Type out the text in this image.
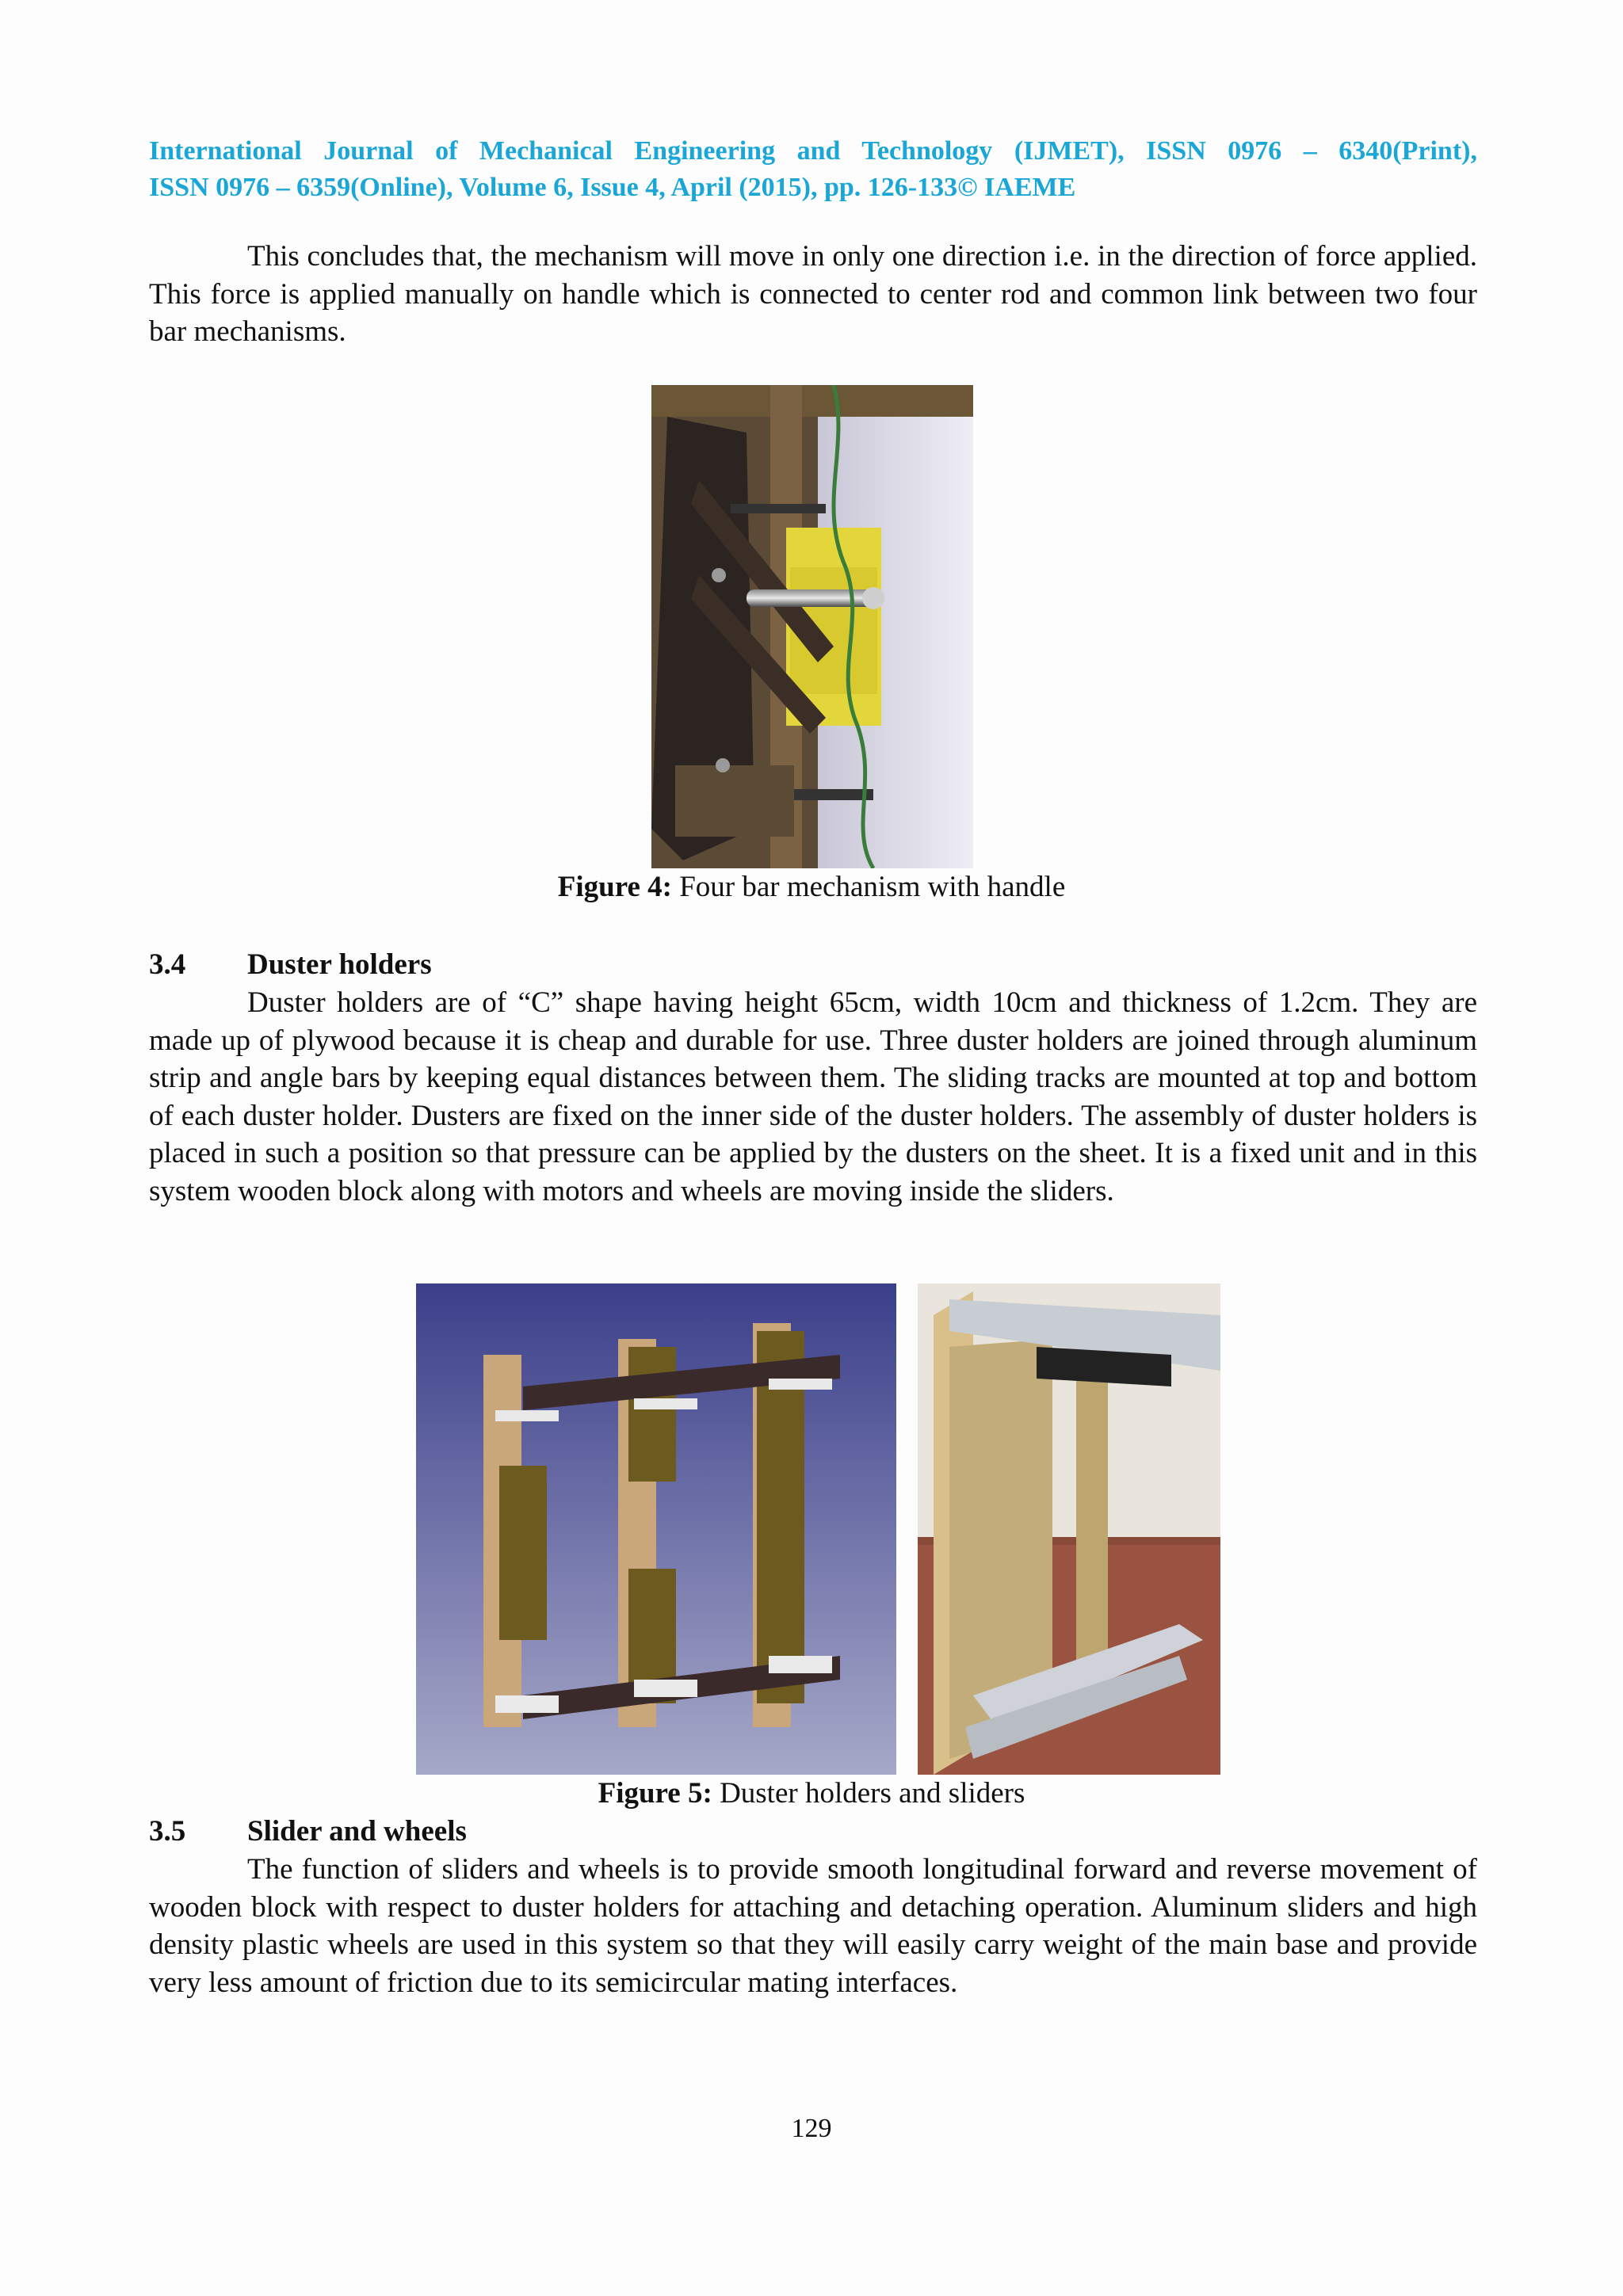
International Journal of Mechanical Engineering and Technology (IJMET), ISSN 0976 – 6340(Print),
ISSN 0976 – 6359(Online), Volume 6, Issue 4, April (2015), pp. 126-133© IAEME

This concludes that, the mechanism will move in only one direction i.e. in the direction of force applied. This force is applied manually on handle which is connected to center rod and common link between two four bar mechanisms.

Figure 4: Four bar mechanism with handle
3.4 Duster holders

Duster holders are of “C” shape having height 65cm, width 10cm and thickness of 1.2cm. They are made up of plywood because it is cheap and durable for use. Three duster holders are joined through aluminum strip and angle bars by keeping equal distances between them. The sliding tracks are mounted at top and bottom of each duster holder. Dusters are fixed on the inner side of the duster holders. The assembly of duster holders is placed in such a position so that pressure can be applied by the dusters on the sheet. It is a fixed unit and in this system wooden block along with motors and wheels are moving inside the sliders.

Figure 5: Duster holders and sliders
3.5 Slider and wheels

The function of sliders and wheels is to provide smooth longitudinal forward and reverse movement of wooden block with respect to duster holders for attaching and detaching operation. Aluminum sliders and high density plastic wheels are used in this system so that they will easily carry weight of the main base and provide very less amount of friction due to its semicircular mating interfaces.

129
